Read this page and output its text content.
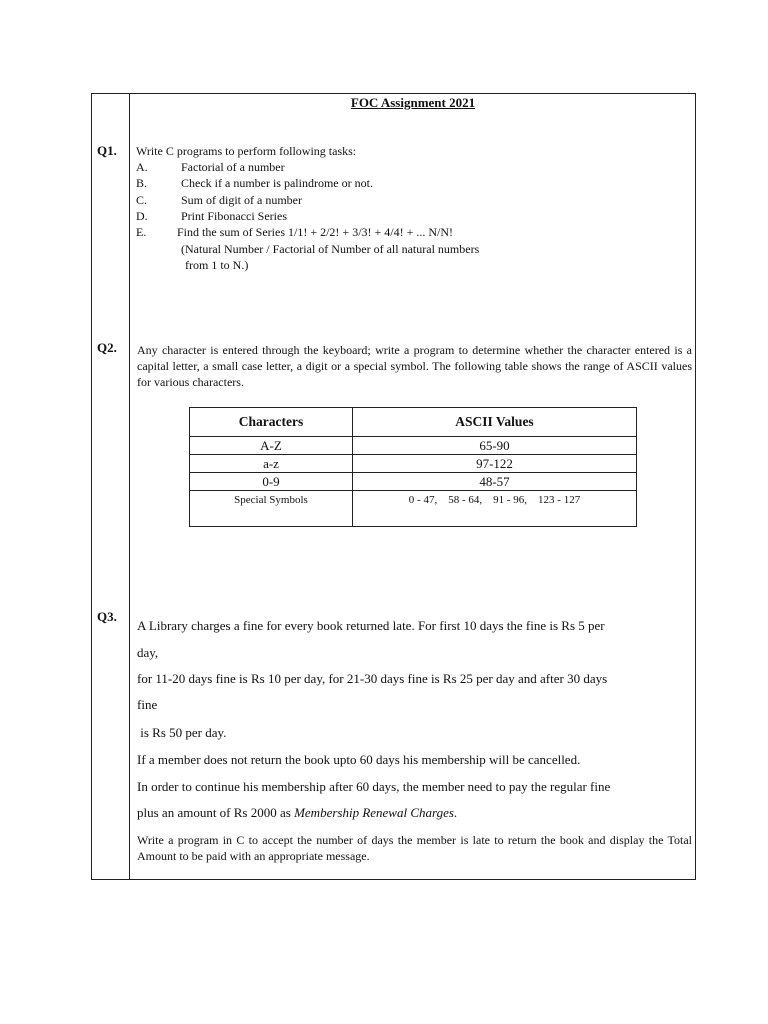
FOC Assignment 2021
Q1. Write C programs to perform following tasks:
A.	Factorial of a number
B.	Check if a number is palindrome or not.
C.	Sum of digit of a number
D.	Print Fibonacci Series
E.	Find the sum of Series 1/1! + 2/2! + 3/3! + 4/4! + ... N/N!
(Natural Number / Factorial of Number of all natural numbers
from 1 to N.)
Q2. Any character is entered through the keyboard; write a program to determine whether the character entered is a capital letter, a small case letter, a digit or a special symbol. The following table shows the range of ASCII values for various characters.
Characters	ASCII Values
A-Z	65-90
a-z	97-122
0-9	48-57
Special Symbols	0 - 47,    58 - 64,    91 - 96,    123 - 127
Q3.
A Library charges a fine for every book returned late. For first 10 days the fine is Rs 5 per
day,
for 11-20 days fine is Rs 10 per day, for 21-30 days fine is Rs 25 per day and after 30 days
fine
is Rs 50 per day.
If a member does not return the book upto 60 days his membership will be cancelled.
In order to continue his membership after 60 days, the member need to pay the regular fine
plus an amount of Rs 2000 as Membership Renewal Charges.
Write a program in C to accept the number of days the member is late to return the book and display the Total Amount to be paid with an appropriate message.
